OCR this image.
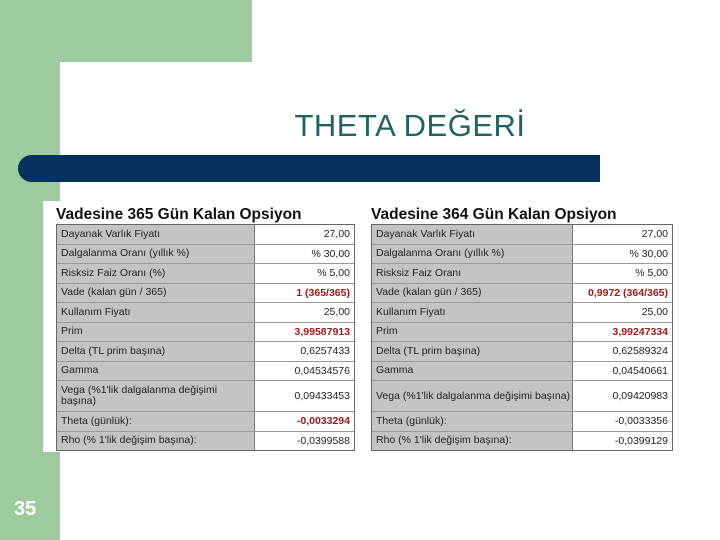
THETA DEĞERİ
Vadesine 365 Gün Kalan Opsiyon
Dayanak Varlık Fiyatı	27,00
Dalgalanma Oranı (yıllık %)	% 30,00
Risksiz Faiz Oranı (%)	% 5,00
Vade (kalan gün / 365)	1 (365/365)
Kullanım Fiyatı	25,00
Prim	3,99587913
Delta (TL prim başına)	0,6257433
Gamma	0,04534576
Vega (%1'lik dalgalanma değişimi başına)	0,09433453
Theta (günlük):	-0,0033294
Rho (% 1'lik değişim başına):	-0,0399588
Vadesine 364 Gün Kalan Opsiyon
Dayanak Varlık Fiyatı	27,00
Dalgalanma Oranı (yıllık %)	% 30,00
Risksiz Faiz Oranı	% 5,00
Vade (kalan gün / 365)	0,9972 (364/365)
Kullanım Fiyatı	25,00
Prim	3,99247334
Delta (TL prim başına)	0,62589324
Gamma	0,04540661
Vega (%1'lik dalgalanma değişimi başına)	0,09420983
Theta (günlük):	-0,0033356
Rho (% 1'lik değişim başına):	-0,0399129
35
